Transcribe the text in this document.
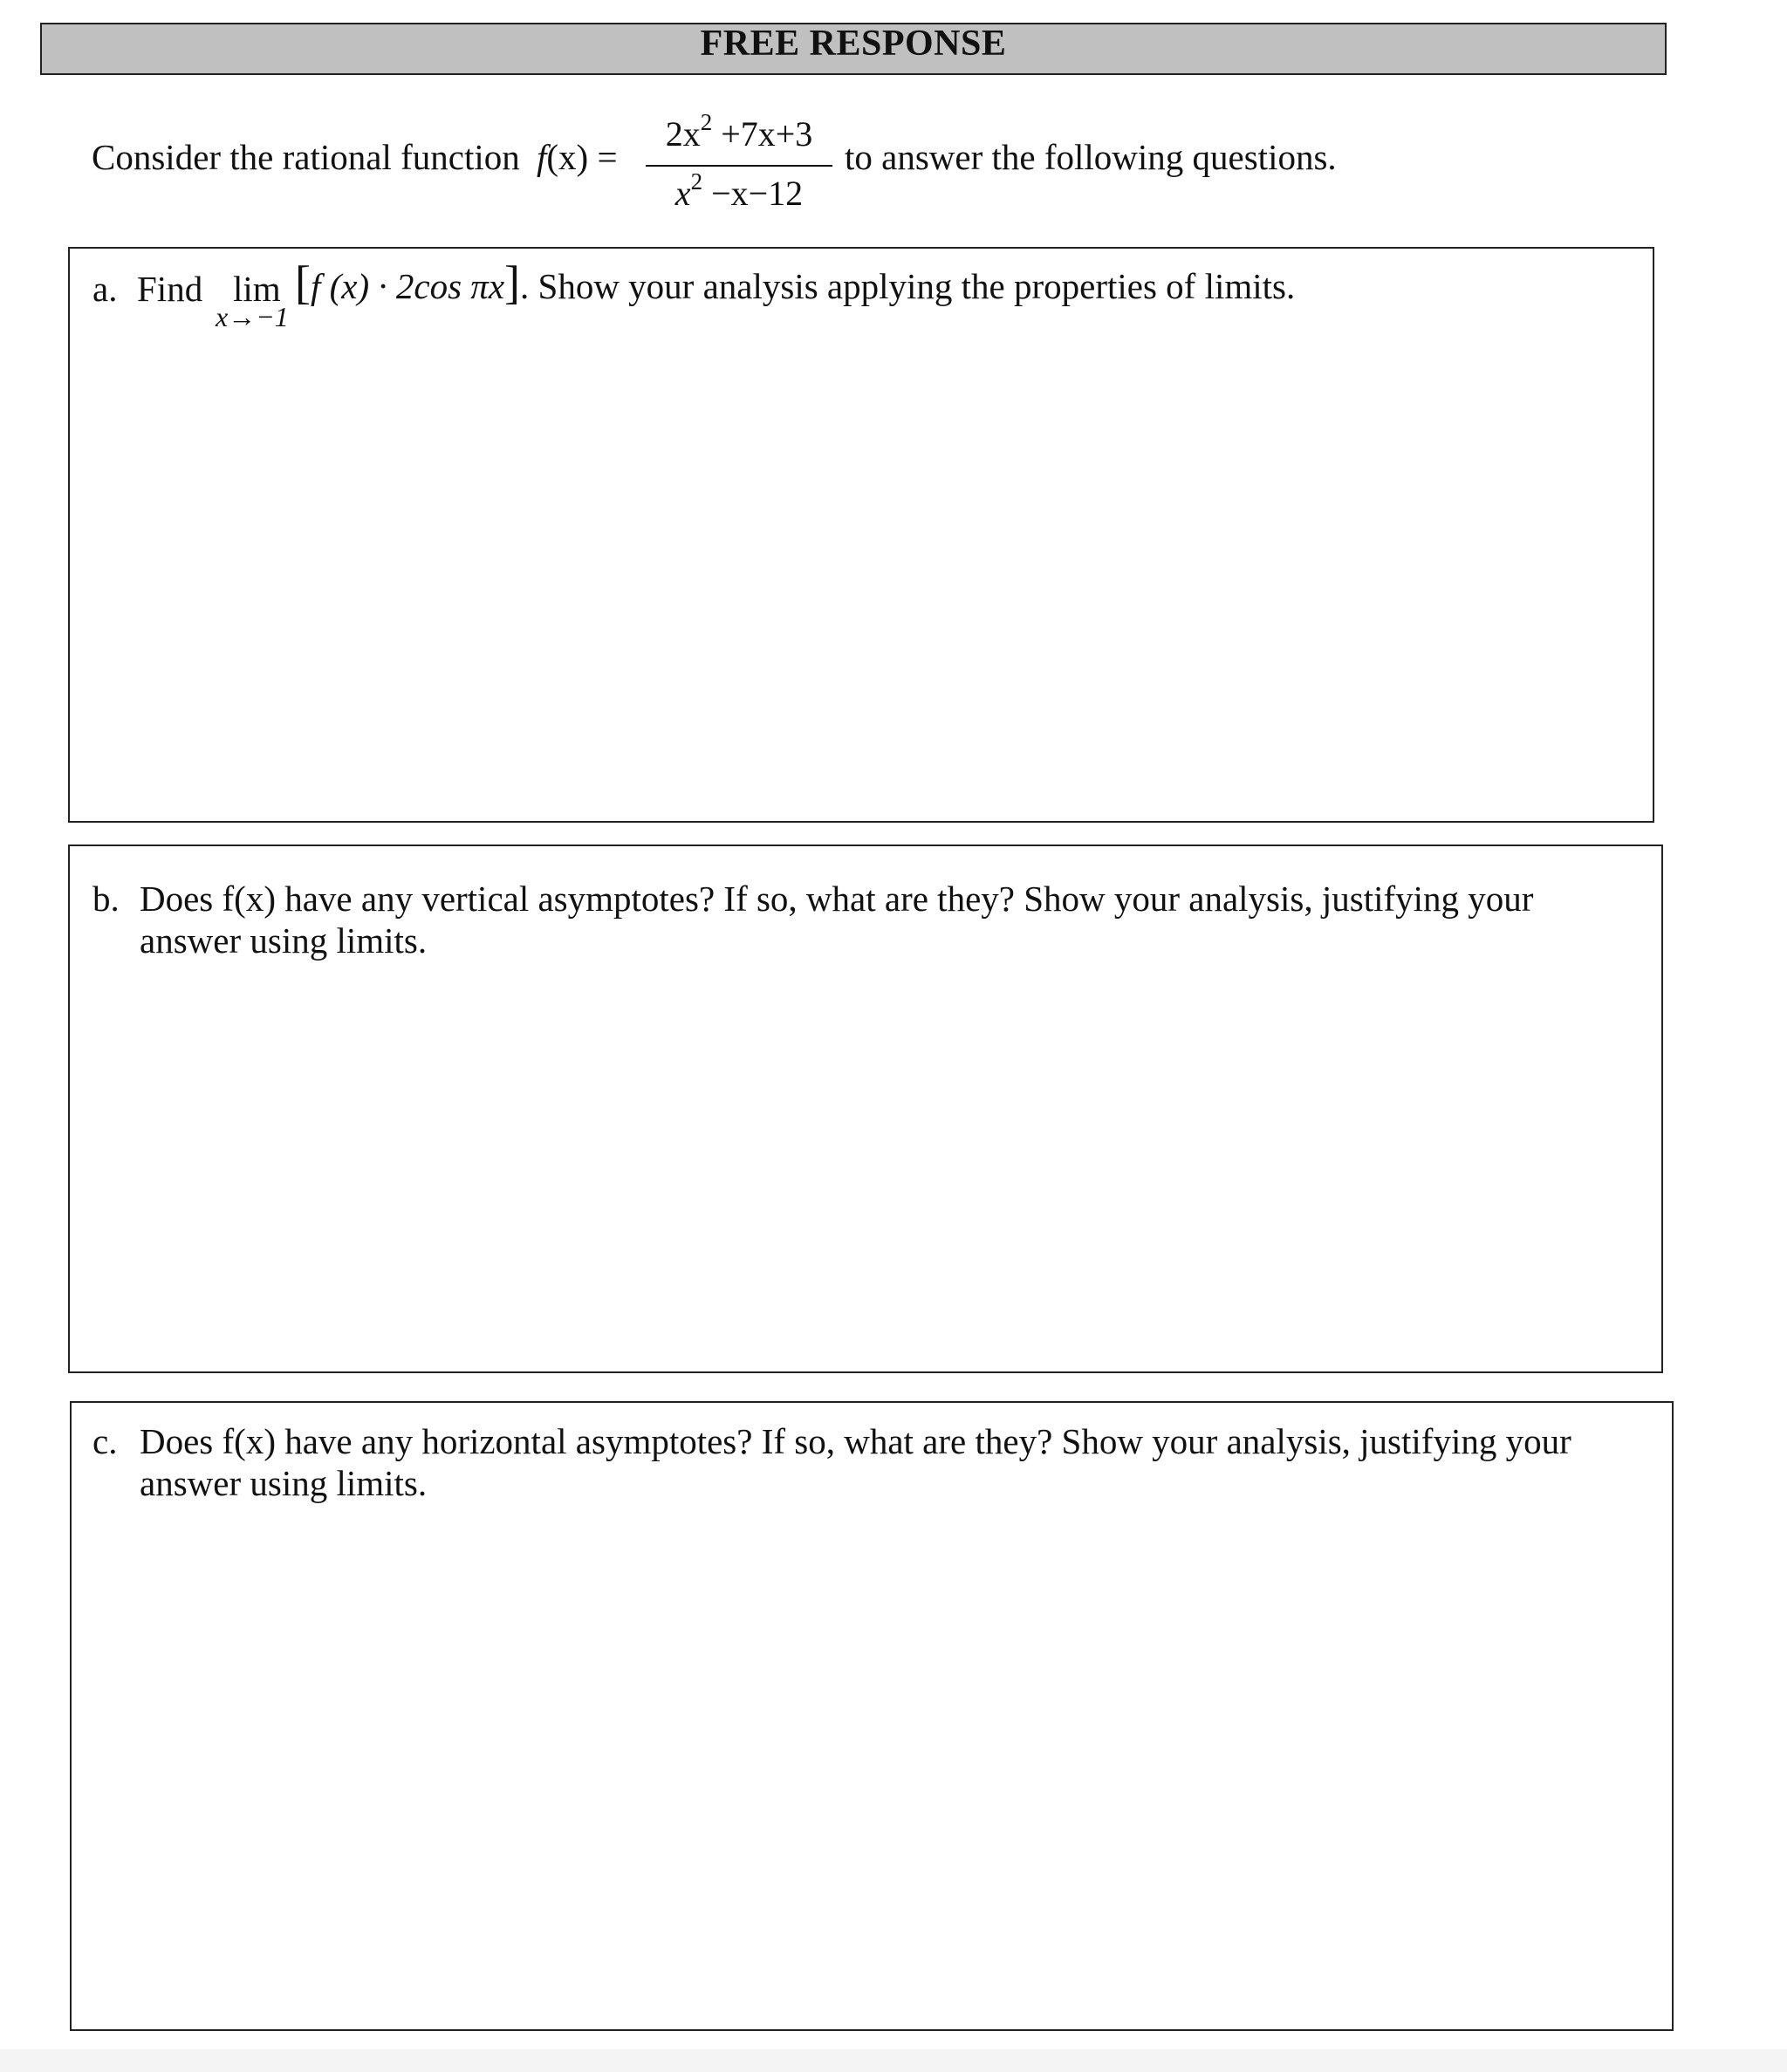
FREE RESPONSE
Consider the rational function f(x) =
$2x^2 +7x+3$
$x^2 -x-12$
to answer the following questions.
a. Find lim
x→−1
[f (x) · 2cos πx]. Show your analysis applying the properties of limits.
b. Does f(x) have any vertical asymptotes? If so, what are they? Show your analysis, justifying your
answer using limits.
c. Does f(x) have any horizontal asymptotes? If so, what are they? Show your analysis, justifying your
answer using limits.
